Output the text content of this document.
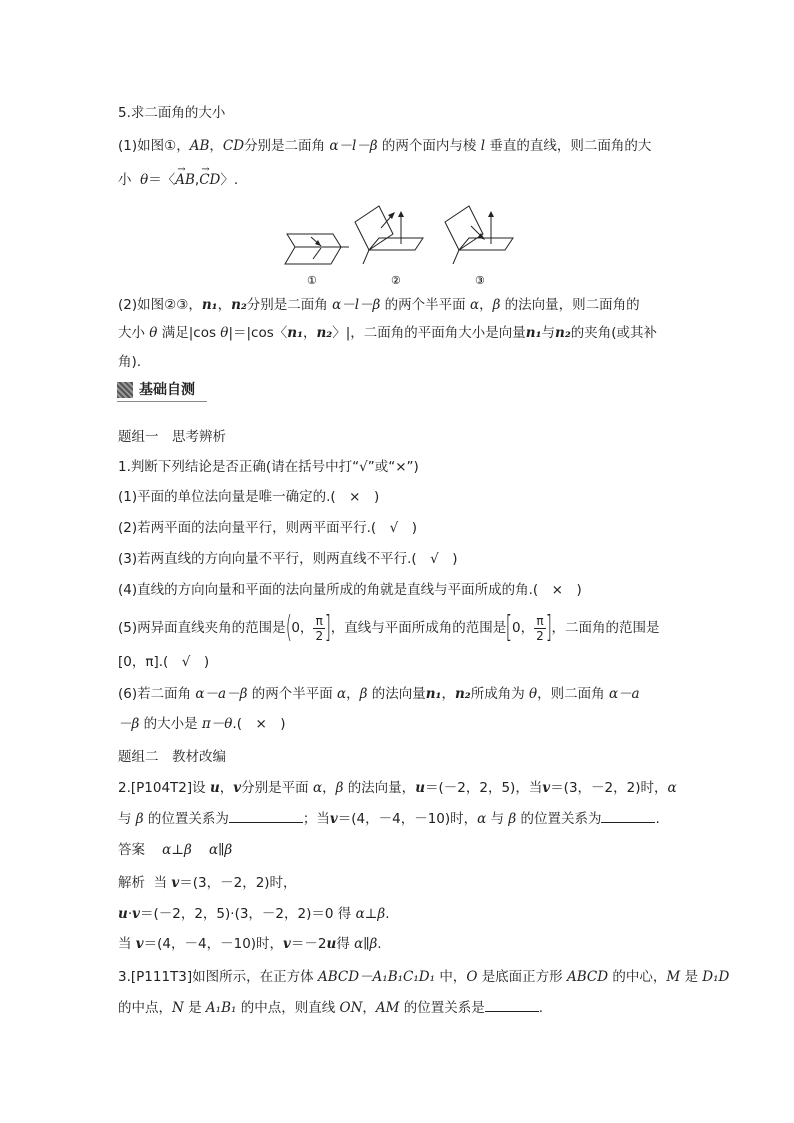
5.求二面角的大小
(1)如图①，AB，CD分别是二面角 α－l－β 的两个面内与棱 l 垂直的直线，则二面角的大
小 θ＝〈→ AB,→ CD〉.
①	②	③
(2)如图②③，n₁，n₂分别是二面角 α－l－β 的两个半平面 α，β 的法向量，则二面角的
大小 θ 满足|cos θ|＝|cos〈n₁，n₂〉|，二面角的平面角大小是向量n₁与n₂的夹角(或其补
角).
基础自测
题组一　思考辨析
1.判断下列结论是否正确(请在括号中打“√”或“×”)
(1)平面的单位法向量是唯一确定的.(　×　)
(2)若两平面的法向量平行，则两平面平行.(　√　)
(3)若两直线的方向向量不平行，则两直线不平行.(　√　)
(4)直线的方向向量和平面的法向量所成的角就是直线与平面所成的角.(　×　)
(5)两异面直线夹角的范围是(0， $\frac{\pi}{2}$ ]，直线与平面所成角的范围是[0， $\frac{\pi}{2}$ ]，二面角的范围是
[0，π].(　√　)
(6)若二面角 α－a－β 的两个半平面 α，β 的法向量n₁，n₂所成角为 θ，则二面角 α－a
－β 的大小是 π－θ.(　×　)
题组二　教材改编
2.[P104T2]设 u，v分别是平面 α，β 的法向量，u＝(－2，2，5)，当v＝(3，－2，2)时，α
与 β 的位置关系为	；当v＝(4，－4，－10)时，α 与 β 的位置关系为	.
答案 α⊥β α∥β
解析 当 v＝(3，－2，2)时，
u·v＝(－2，2，5)·(3，－2，2)＝0 得 α⊥β.
当 v＝(4，－4，－10)时，v＝－2u得 α∥β.
3.[P111T3]如图所示，在正方体 ABCD－A₁B₁C₁D₁ 中，O 是底面正方形 ABCD 的中心，M 是 D₁D
的中点，N 是 A₁B₁ 的中点，则直线 ON，AM 的位置关系是	.
